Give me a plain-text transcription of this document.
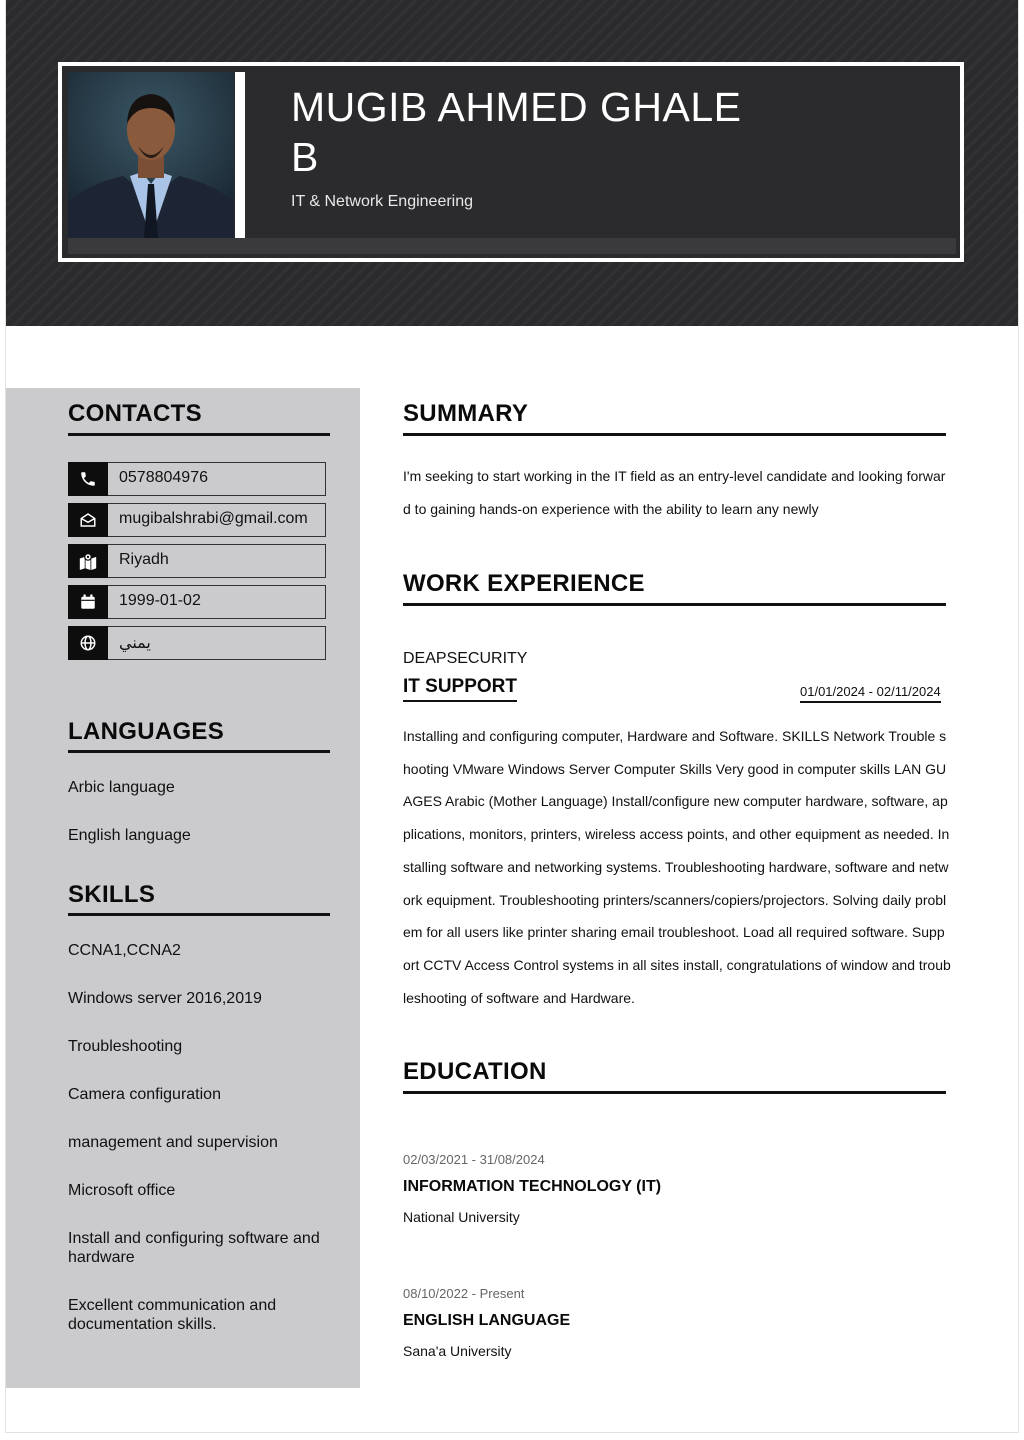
MUGIB AHMED GHALEB
IT & Network Engineering
CONTACTS
0578804976
mugibalshrabi@gmail.com
Riyadh
1999-01-02
يمني
LANGUAGES
Arbic language
English language
SKILLS
CCNA1,CCNA2
Windows server 2016,2019
Troubleshooting
Camera configuration
management and supervision
Microsoft office
Install and configuring software and hardware
Excellent communication and documentation skills.
SUMMARY
I'm seeking to start working in the IT field as an entry-level candidate and looking forward to gaining hands-on experience with the ability to learn any newly
WORK EXPERIENCE
DEAPSECURITY
IT SUPPORT	01/01/2024 - 02/11/2024
Installing and configuring computer, Hardware and Software. SKILLS Network Trouble shooting VMware Windows Server Computer Skills Very good in computer skills LAN GUAGES Arabic (Mother Language) Install/configure new computer hardware, software, applications, monitors, printers, wireless access points, and other equipment as needed. Installing software and networking systems. Troubleshooting hardware, software and network equipment. Troubleshooting printers/scanners/copiers/projectors. Solving daily problem for all users like printer sharing email troubleshoot. Load all required software. Support CCTV Access Control systems in all sites install, congratulations of window and troubleshooting of software and Hardware.
EDUCATION
02/03/2021 - 31/08/2024
INFORMATION TECHNOLOGY (IT)
National University
08/10/2022 - Present
ENGLISH LANGUAGE
Sana'a University
